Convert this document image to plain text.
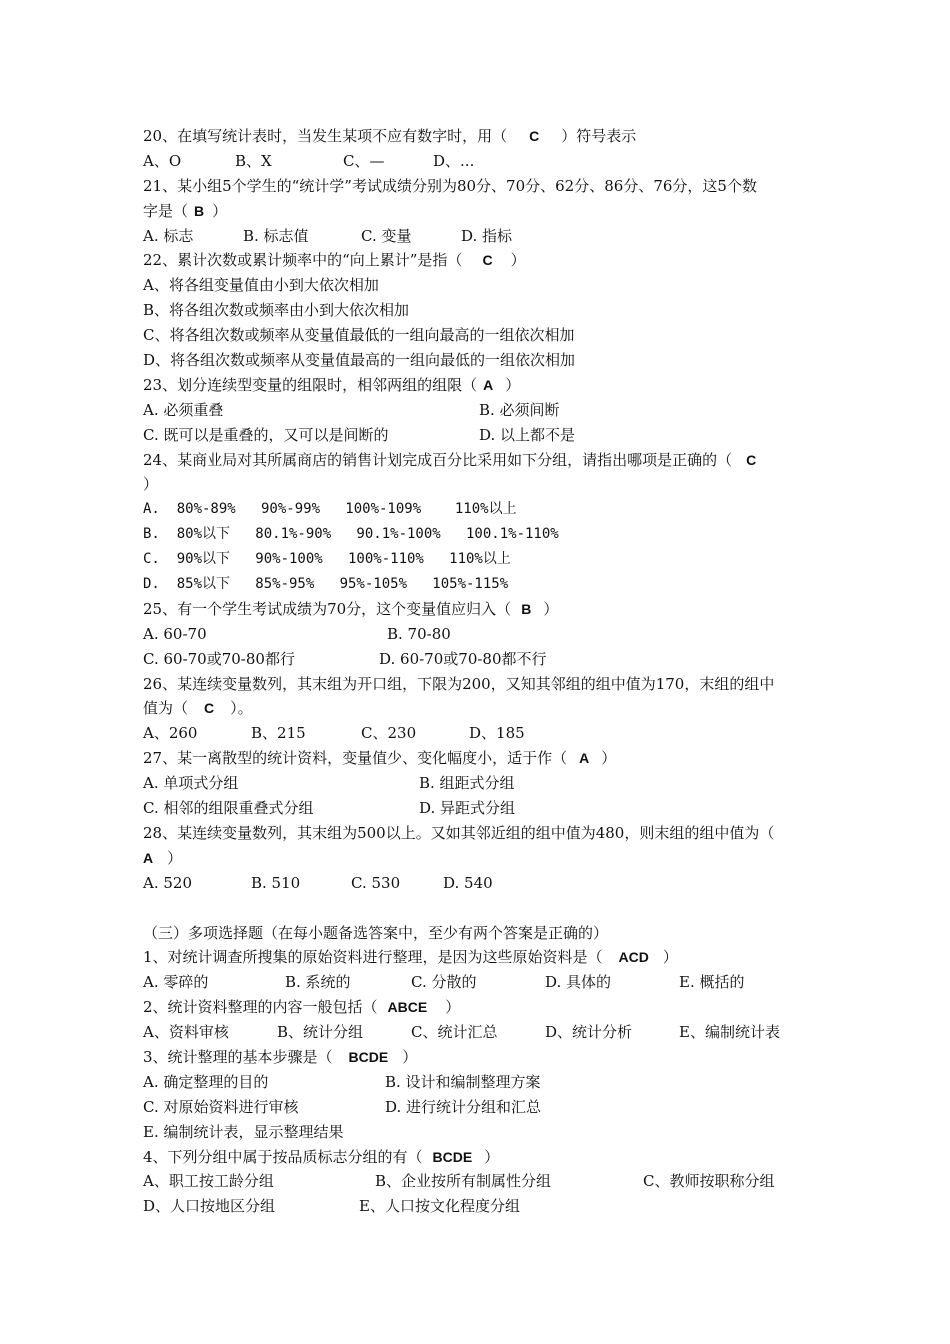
20、在填写统计表时，当发生某项不应有数字时，用（ C ）符号表示
A、O	B、X	C、—	D、...
21、某小组5个学生的“统计学”考试成绩分别为80分、70分、62分、86分、76分，这5个数
字是（ B ）
A. 标志	B. 标志值	C. 变量	D. 指标
22、累计次数或累计频率中的“向上累计”是指（ C ）
A、将各组变量值由小到大依次相加
B、将各组次数或频率由小到大依次相加
C、将各组次数或频率从变量值最低的一组向最高的一组依次相加
D、将各组次数或频率从变量值最高的一组向最低的一组依次相加
23、划分连续型变量的组限时，相邻两组的组限（ A ）
A. 必须重叠	B. 必须间断
C. 既可以是重叠的，又可以是间断的	D. 以上都不是
24、某商业局对其所属商店的销售计划完成百分比采用如下分组，请指出哪项是正确的（ C
）
A.  80%-89%   90%-99%   100%-109%    110%以上
B.  80%以下   80.1%-90%   90.1%-100%   100.1%-110%
C.  90%以下   90%-100%   100%-110%   110%以上
D.  85%以下   85%-95%   95%-105%   105%-115%
25、有一个学生考试成绩为70分，这个变量值应归入（ B ）
A. 60-70	B. 70-80
C. 60-70或70-80都行	D. 60-70或70-80都不行
26、某连续变量数列，其末组为开口组，下限为200，又知其邻组的组中值为170，末组的组中
值为（ C ）。
A、260	B、215	C、230	D、185
27、某一离散型的统计资料，变量值少、变化幅度小，适于作（ A ）
A. 单项式分组	B. 组距式分组
C. 相邻的组限重叠式分组	D. 异距式分组
28、某连续变量数列，其末组为500以上。又如其邻近组的组中值为480，则末组的组中值为（
A ）
A. 520	B. 510	C. 530	D. 540
（三）多项选择题（在每小题备选答案中，至少有两个答案是正确的）
1、对统计调查所搜集的原始资料进行整理，是因为这些原始资料是（ ACD ）
A. 零碎的	B. 系统的	C. 分散的	D. 具体的	E. 概括的
2、统计资料整理的内容一般包括（ ABCE ）
A、资料审核	B、统计分组	C、统计汇总	D、统计分析	E、编制统计表
3、统计整理的基本步骤是（ BCDE ）
A. 确定整理的目的	B. 设计和编制整理方案
C. 对原始资料进行审核	D. 进行统计分组和汇总
E. 编制统计表，显示整理结果
4、下列分组中属于按品质标志分组的有（ BCDE ）
A、职工按工龄分组	B、企业按所有制属性分组	C、教师按职称分组
D、人口按地区分组	E、人口按文化程度分组
